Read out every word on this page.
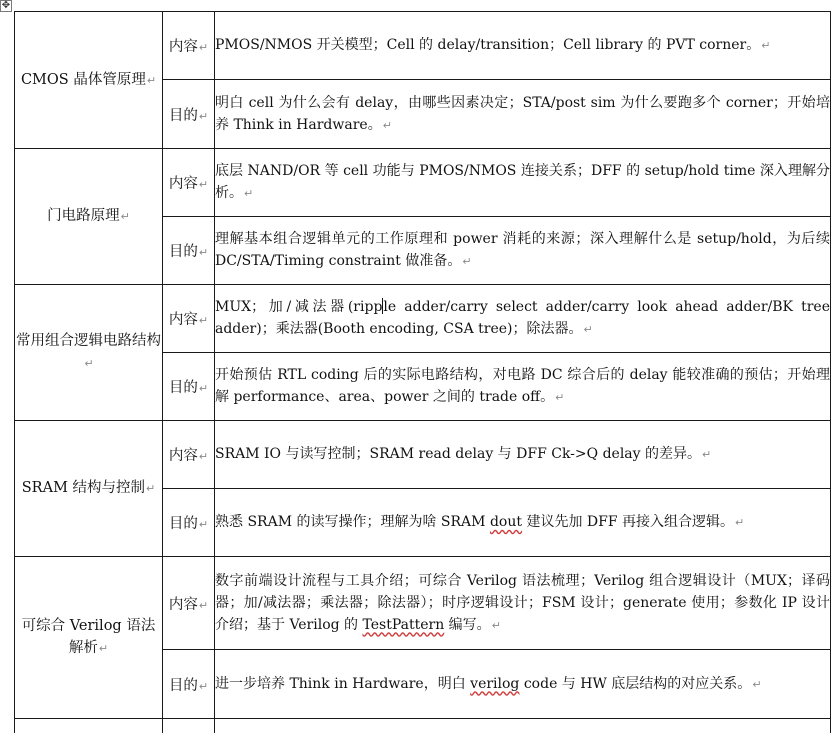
✥
CMOS 晶体管原理↵	内容↵	PMOS/NMOS 开关模型；Cell 的 delay/transition；Cell library 的 PVT corner。↵
	目的↵	明白 cell 为什么会有 delay，由哪些因素决定；STA/post sim 为什么要跑多个 corner；开始培养 Think in Hardware。↵
门电路原理↵	内容↵	底层 NAND/OR 等 cell 功能与 PMOS/NMOS 连接关系；DFF 的 setup/hold time 深入理解分析。↵
	目的↵	理解基本组合逻辑单元的工作原理和 power 消耗的来源；深入理解什么是 setup/hold，为后续 DC/STA/Timing constraint 做准备。↵
常用组合逻辑电路结构↵	内容↵	MUX；加/减法器(ripple adder/carry select adder/carry look ahead adder/BK tree adder)；乘法器(Booth encoding, CSA tree)；除法器。↵
	目的↵	开始预估 RTL coding 后的实际电路结构，对电路 DC 综合后的 delay 能较准确的预估；开始理解 performance、area、power 之间的 trade off。↵
SRAM 结构与控制↵	内容↵	SRAM IO 与读写控制；SRAM read delay 与 DFF Ck->Q delay 的差异。↵
	目的↵	熟悉 SRAM 的读写操作；理解为啥 SRAM dout 建议先加 DFF 再接入组合逻辑。↵
可综合 Verilog 语法解析↵	内容↵	数字前端设计流程与工具介绍；可综合 Verilog 语法梳理；Verilog 组合逻辑设计（MUX；译码器；加/减法器；乘法器；除法器）；时序逻辑设计；FSM 设计；generate 使用；参数化 IP 设计介绍；基于 Verilog 的 TestPattern 编写。↵
	目的↵	进一步培养 Think in Hardware，明白 verilog code 与 HW 底层结构的对应关系。↵
